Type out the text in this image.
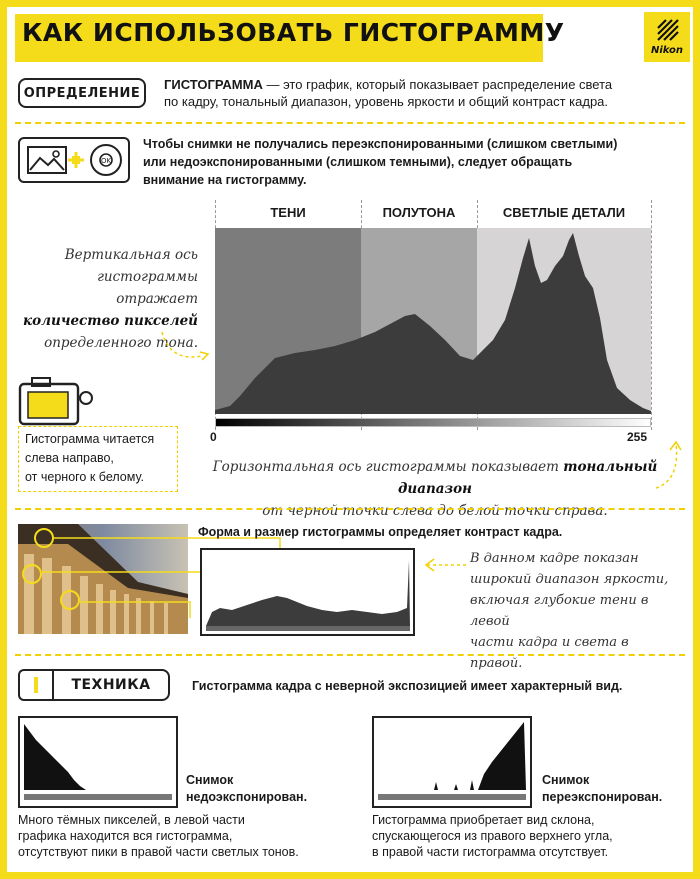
КАК ИСПОЛЬЗОВАТЬ ГИСТОГРАММУ
Nikon
ОПРЕДЕЛЕНИЕ
ГИСТОГРАММА — это график, который показывает распределение света
по кадру, тональный диапазон, уровень яркости и общий контраст кадра.
OK
Чтобы снимки не получались переэкспонированными (слишком светлыми)
или недоэкспонированными (слишком темными), следует обращать
внимание на гистограмму.
ТЕНИ	ПОЛУТОНА	СВЕТЛЫЕ ДЕТАЛИ
0	255
Вертикальная ось
гистограммы отражает
количество пикселей
определенного тона.
Гистограмма читается
слева направо,
от черного к белому.
Горизонтальная ось гистограммы показывает тональный диапазон
от черной точки слева до белой точки справа.
Форма и размер гистограммы определяет контраст кадра.
В данном кадре показан
широкий диапазон яркости,
включая глубокие тени в левой
части кадра и света в правой.
ТЕХНИКА	Гистограмма кадра с неверной экспозицией имеет характерный вид.
Снимок
недоэкспонирован.
Много тёмных пикселей, в левой части
графика находится вся гистограмма,
отсутствуют пики в правой части светлых тонов.
Снимок
переэкспонирован.
Гистограмма приобретает вид склона,
спускающегося из правого верхнего угла,
в правой части гистограмма отсутствует.
